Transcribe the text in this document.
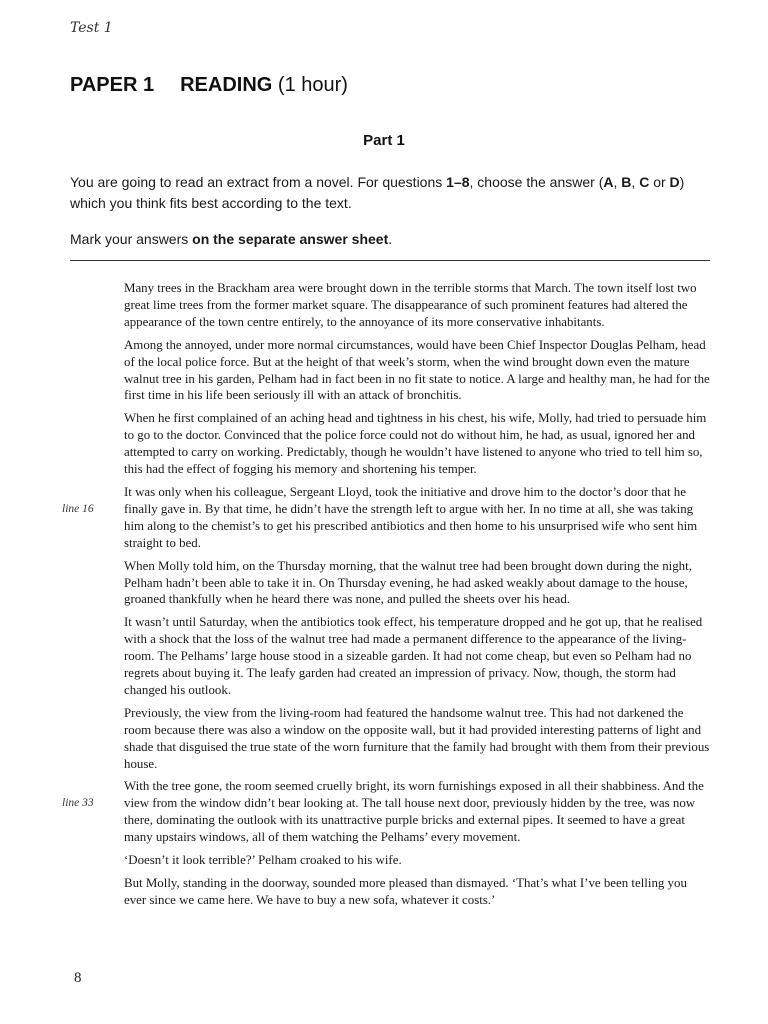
Test 1
PAPER 1 READING (1 hour)
Part 1

You are going to read an extract from a novel. For questions 1–8, choose the answer (A, B, C or D) which you think fits best according to the text.

Mark your answers on the separate answer sheet.

Many trees in the Brackham area were brought down in the terrible storms that March. The town itself lost two great lime trees from the former market square. The disappearance of such prominent features had altered the appearance of the town centre entirely, to the annoyance of its more conservative inhabitants.

Among the annoyed, under more normal circumstances, would have been Chief Inspector Douglas Pelham, head of the local police force. But at the height of that week’s storm, when the wind brought down even the mature walnut tree in his garden, Pelham had in fact been in no fit state to notice. A large and healthy man, he had for the first time in his life been seriously ill with an attack of bronchitis.

When he first complained of an aching head and tightness in his chest, his wife, Molly, had tried to persuade him to go to the doctor. Convinced that the police force could not do without him, he had, as usual, ignored her and attempted to carry on working. Predictably, though he wouldn’t have listened to anyone who tried to tell him so, this had the effect of fogging his memory and shortening his temper.

line 16
It was only when his colleague, Sergeant Lloyd, took the initiative and drove him to the doctor’s door that he finally gave in. By that time, he didn’t have the strength left to argue with her. In no time at all, she was taking him along to the chemist’s to get his prescribed antibiotics and then home to his unsurprised wife who sent him straight to bed.

When Molly told him, on the Thursday morning, that the walnut tree had been brought down during the night, Pelham hadn’t been able to take it in. On Thursday evening, he had asked weakly about damage to the house, groaned thankfully when he heard there was none, and pulled the sheets over his head.

It wasn’t until Saturday, when the antibiotics took effect, his temperature dropped and he got up, that he realised with a shock that the loss of the walnut tree had made a permanent difference to the appearance of the living-room. The Pelhams’ large house stood in a sizeable garden. It had not come cheap, but even so Pelham had no regrets about buying it. The leafy garden had created an impression of privacy. Now, though, the storm had changed his outlook.

Previously, the view from the living-room had featured the handsome walnut tree. This had not darkened the room because there was also a window on the opposite wall, but it had provided interesting patterns of light and shade that disguised the true state of the worn furniture that the family had brought with them from their previous house.

line 33
With the tree gone, the room seemed cruelly bright, its worn furnishings exposed in all their shabbiness. And the view from the window didn’t bear looking at. The tall house next door, previously hidden by the tree, was now there, dominating the outlook with its unattractive purple bricks and external pipes. It seemed to have a great many upstairs windows, all of them watching the Pelhams’ every movement.

‘Doesn’t it look terrible?’ Pelham croaked to his wife.

But Molly, standing in the doorway, sounded more pleased than dismayed. ‘That’s what I’ve been telling you ever since we came here. We have to buy a new sofa, whatever it costs.’

8
